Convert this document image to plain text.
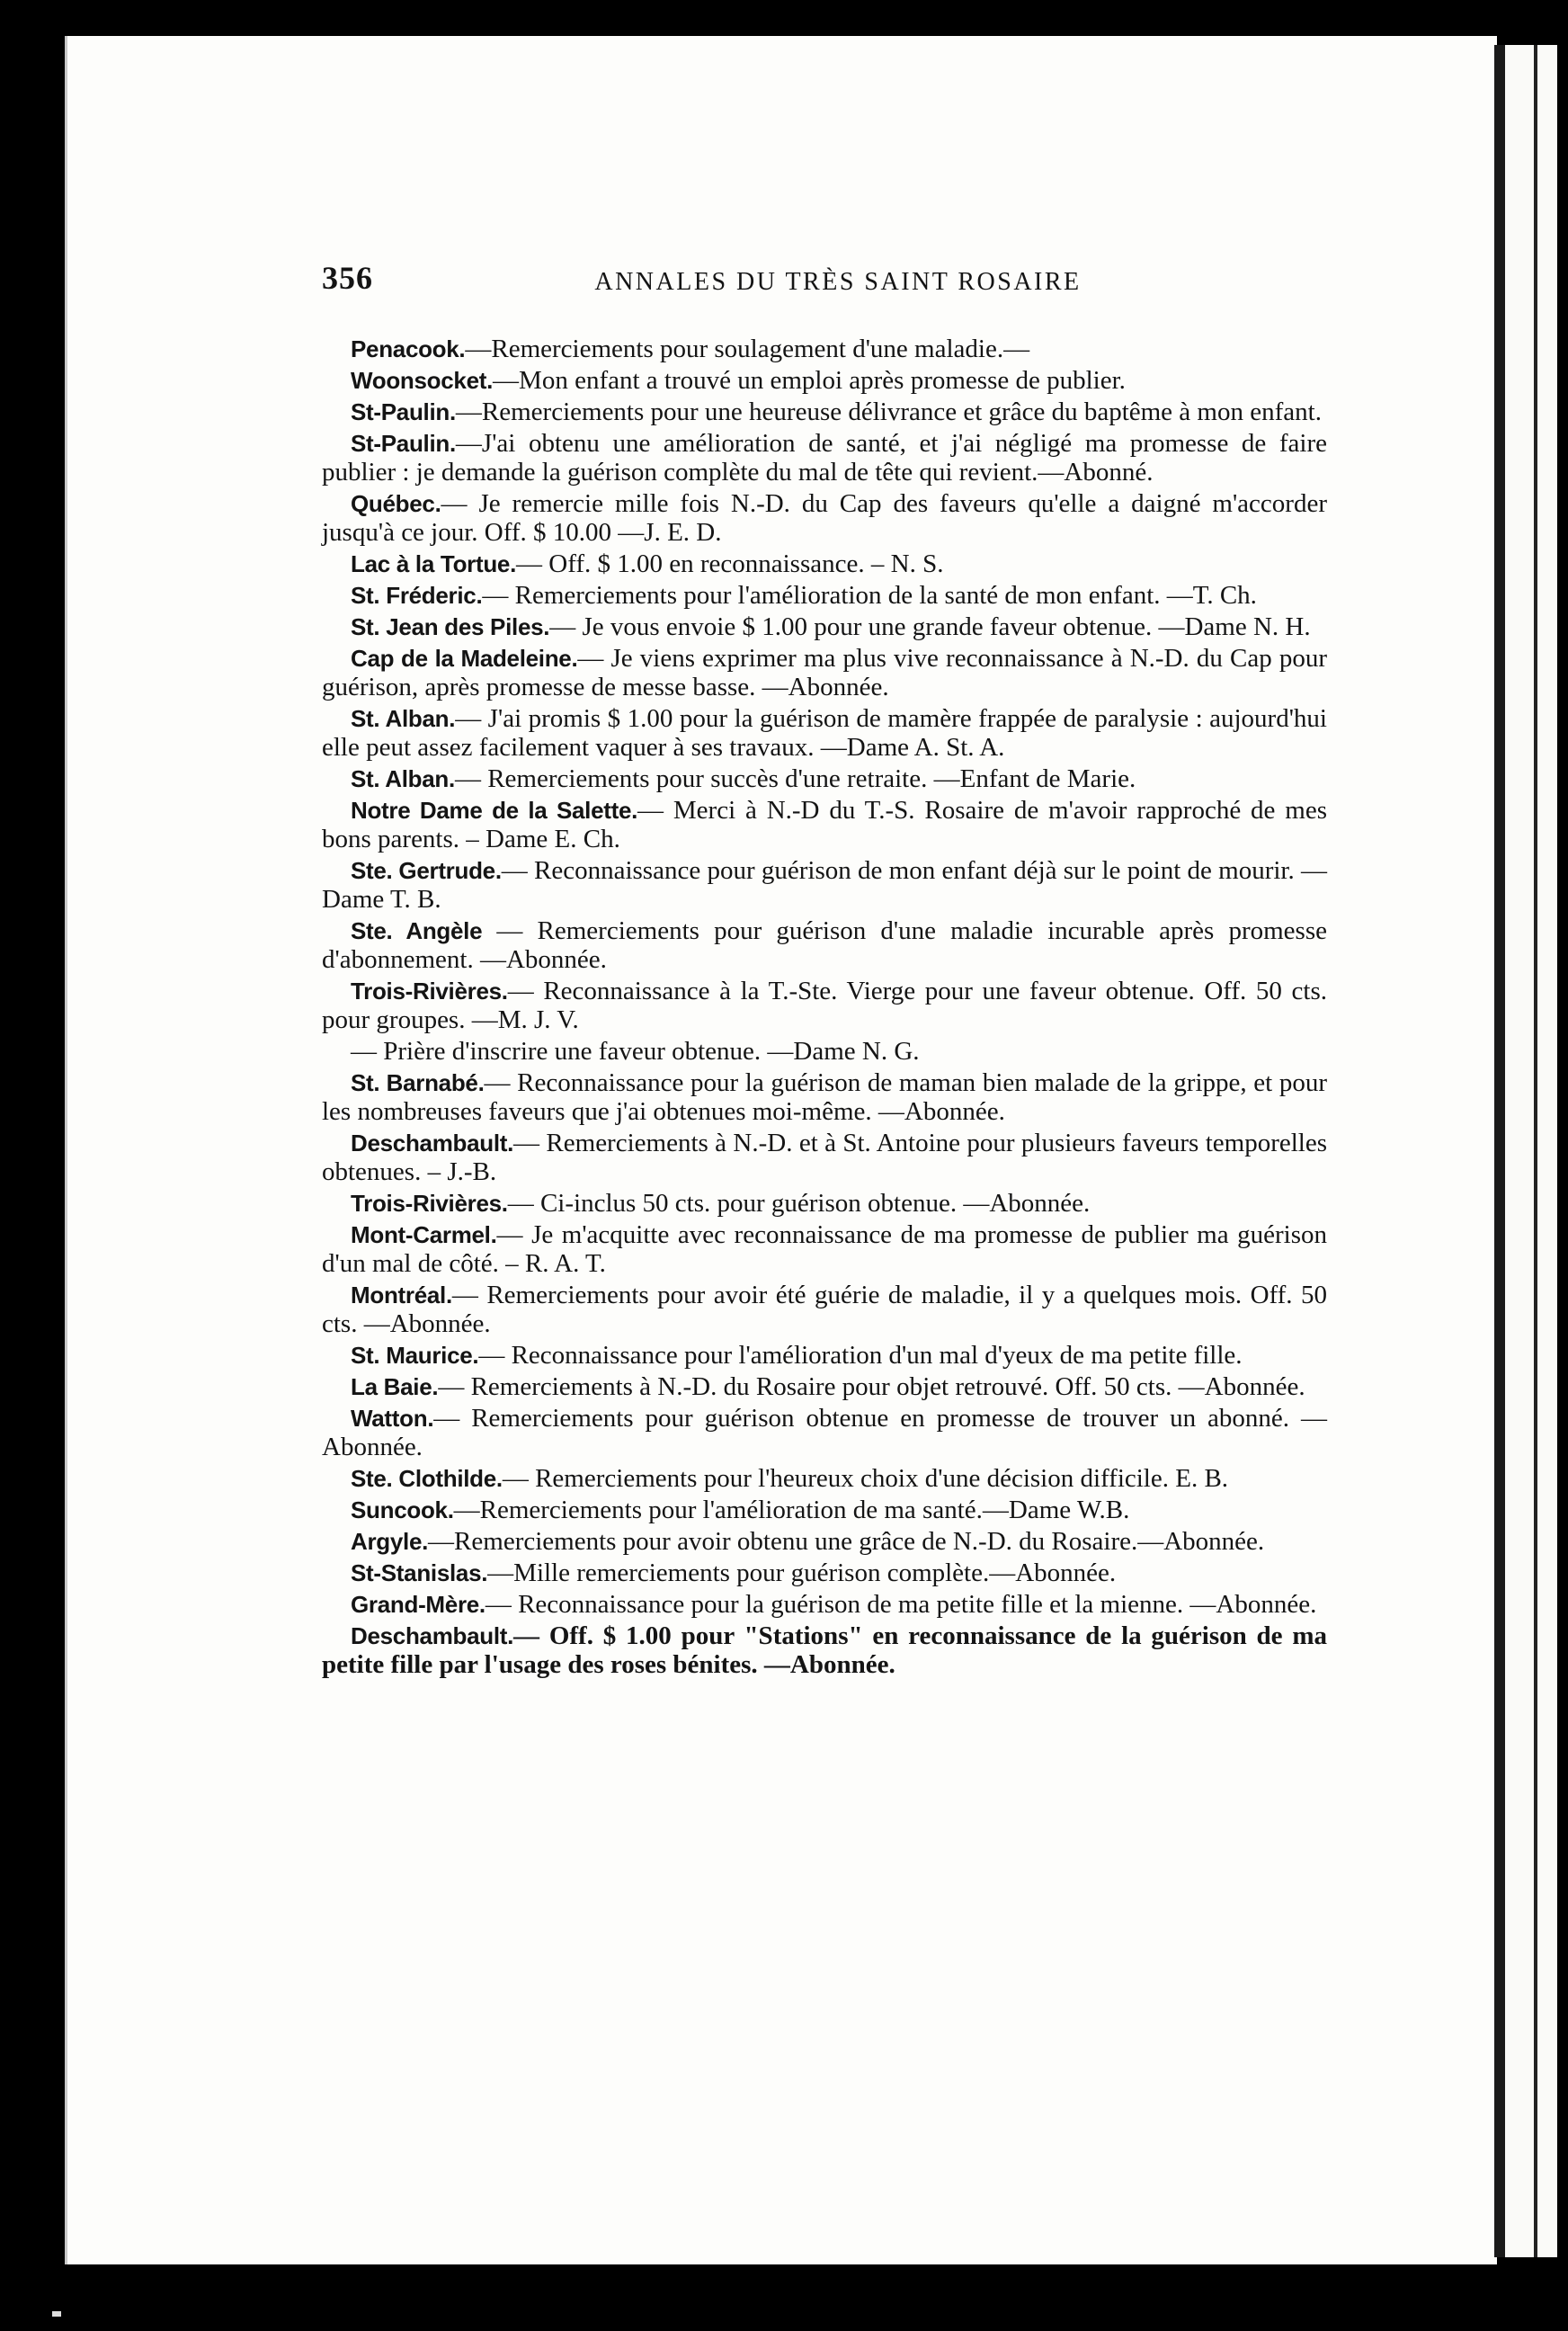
356	ANNALES DU TRÈS SAINT ROSAIRE

Penacook.—Remerciements pour soulagement d'une maladie.—

Woonsocket.—Mon enfant a trouvé un emploi après promesse de publier.

St-Paulin.—Remerciements pour une heureuse délivrance et grâce du baptême à mon enfant.

St-Paulin.—J'ai obtenu une amélioration de santé, et j'ai négligé ma promesse de faire publier : je demande la guérison complète du mal de tête qui revient.—Abonné.

Québec.— Je remercie mille fois N.-D. du Cap des faveurs qu'elle a daigné m'accorder jusqu'à ce jour. Off. $ 10.00 —J. E. D.

Lac à la Tortue.— Off. $ 1.00 en reconnaissance. – N. S.

St. Fréderic.— Remerciements pour l'amélioration de la santé de mon enfant. —T. Ch.

St. Jean des Piles.— Je vous envoie $ 1.00 pour une grande faveur obtenue. —Dame N. H.

Cap de la Madeleine.— Je viens exprimer ma plus vive reconnaissance à N.-D. du Cap pour guérison, après promesse de messe basse. —Abonnée.

St. Alban.— J'ai promis $ 1.00 pour la guérison de mamère frappée de paralysie : aujourd'hui elle peut assez facilement vaquer à ses travaux. —Dame A. St. A.

St. Alban.— Remerciements pour succès d'une retraite. —Enfant de Marie.

Notre Dame de la Salette.— Merci à N.-D du T.-S. Rosaire de m'avoir rapproché de mes bons parents. – Dame E. Ch.

Ste. Gertrude.— Reconnaissance pour guérison de mon enfant déjà sur le point de mourir. —Dame T. B.

Ste. Angèle — Remerciements pour guérison d'une maladie incurable après promesse d'abonnement. —Abonnée.

Trois-Rivières.— Reconnaissance à la T.-Ste. Vierge pour une faveur obtenue. Off. 50 cts. pour groupes. —M. J. V.

— Prière d'inscrire une faveur obtenue. —Dame N. G.

St. Barnabé.— Reconnaissance pour la guérison de maman bien malade de la grippe, et pour les nombreuses faveurs que j'ai obtenues moi-même. —Abonnée.

Deschambault.— Remerciements à N.-D. et à St. Antoine pour plusieurs faveurs temporelles obtenues. – J.-B.

Trois-Rivières.— Ci-inclus 50 cts. pour guérison obtenue. —Abonnée.

Mont-Carmel.— Je m'acquitte avec reconnaissance de ma promesse de publier ma guérison d'un mal de côté. – R. A. T.

Montréal.— Remerciements pour avoir été guérie de maladie, il y a quelques mois. Off. 50 cts. —Abonnée.

St. Maurice.— Reconnaissance pour l'amélioration d'un mal d'yeux de ma petite fille.

La Baie.— Remerciements à N.-D. du Rosaire pour objet retrouvé. Off. 50 cts. —Abonnée.

Watton.— Remerciements pour guérison obtenue en promesse de trouver un abonné. —Abonnée.

Ste. Clothilde.— Remerciements pour l'heureux choix d'une décision difficile. E. B.

Suncook.—Remerciements pour l'amélioration de ma santé.—Dame W.B.

Argyle.—Remerciements pour avoir obtenu une grâce de N.-D. du Rosaire.—Abonnée.

St-Stanislas.—Mille remerciements pour guérison complète.—Abonnée.

Grand-Mère.— Reconnaissance pour la guérison de ma petite fille et la mienne. —Abonnée.

Deschambault.— Off. $ 1.00 pour "Stations" en reconnaissance de la guérison de ma petite fille par l'usage des roses bénites. —Abonnée.
